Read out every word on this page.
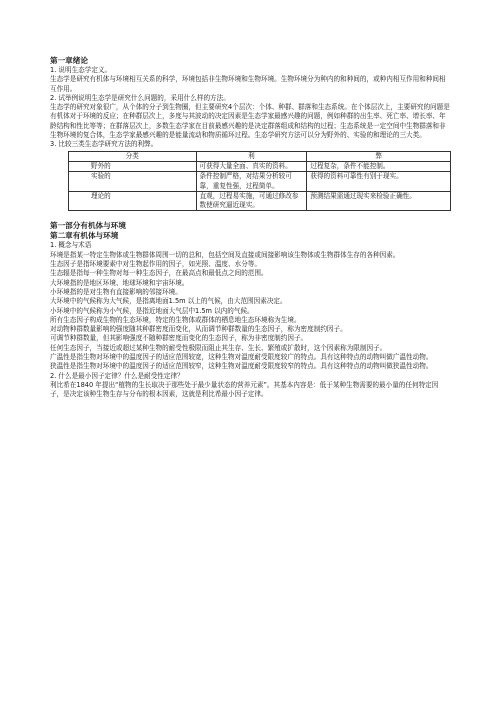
第一章绪论

1. 说明生态学定义。

生态学是研究有机体与环境相互关系的科学，环境包括非生物环境和生物环境。生物环境分为种内的和种间的，或种内相互作用和种间相互作用。

2. 试举例说明生态学是研究什么问题的，采用什么样的方法。

生态学的研究对象很广，从个体的分子到生物圈，但主要研究4个层次：个体、种群、群落和生态系统。在个体层次上，主要研究的问题是有机体对于环境的反应；在种群层次上，多度与其波动的决定因素是生态学家最感兴趣的问题，例如种群的出生率、死亡率、增长率、年龄结构和性比等等；在群落层次上，多数生态学家在目前最感兴趣的是决定群落组成和结构的过程；生态系统是一定空间中生物群落和非生物环境的复合体，生态学家最感兴趣的是能量流动和物质循环过程。生态学研究方法可以分为野外的、实验的和理论的三大类。

3. 比较三类生态学研究方法的利弊。

分类	利	弊
野外的	可获得大量全面、真实的资料。	过程复杂，条件不能控制。
实验的	条件控制严格，对结果分析较可靠，重复性强，过程简单。	获得的资料可靠性有别于现实。
理论的	直观，过程易实施，可通过修改参数使研究逼近现实。	预测结果需通过现实来检验正确性。

第一部分有机体与环境

第二章有机体与环境

1. 概念与术语

环境是指某一特定生物体或生物群体周围一切的总和，包括空间及直接或间接影响该生物体或生物群体生存的各种因素。

生态因子是指环境要素中对生物起作用的因子，如光照、温度、水分等。

生态辐是指每一种生物对每一种生态因子，在最高点和最低点之间的范围。

大环境指的是地区环境、地球环境和宇宙环境。

小环境指的是对生物有直接影响的邻接环境。

大环境中的气候称为大气候，是指离地面1.5m 以上的气候，由大范围因素决定。

小环境中的气候称为小气候，是指近地面大气层中1.5m 以内的气候。

所有生态因子构成生物的生态环境，特定的生物体或群体的栖息地生态环境称为生境。

对动物种群数量影响的强度随其种群密度而变化，从而调节种群数量的生态因子，称为密度制约因子。

可调节种群数量，但其影响强度不随种群密度而变化的生态因子，称为非密度制约因子。

任何生态因子，当接近或超过某种生物的耐受性极限而阻止其生存、生长、繁殖或扩散时，这个因素称为限制因子。

广温性是指生物对环境中的温度因子的适应范围较宽，这种生物对温度耐受限度较广的特点。具有这种特点的动物叫做广温性动物。

狭温性是指生物对环境中的温度因子的适应范围较窄，这种生物对温度耐受限度较窄的特点。具有这种特点的动物叫做狭温性动物。

2. 什么是最小因子定律？什么是耐受性定律？

利比希在1840 年提出“植物的生长取决于那些处于最少量状态的营养元素”。其基本内容是：低于某种生物需要的最小量的任何特定因子，是决定该种生物生存与分布的根本因素，这就是利比希最小因子定律。
